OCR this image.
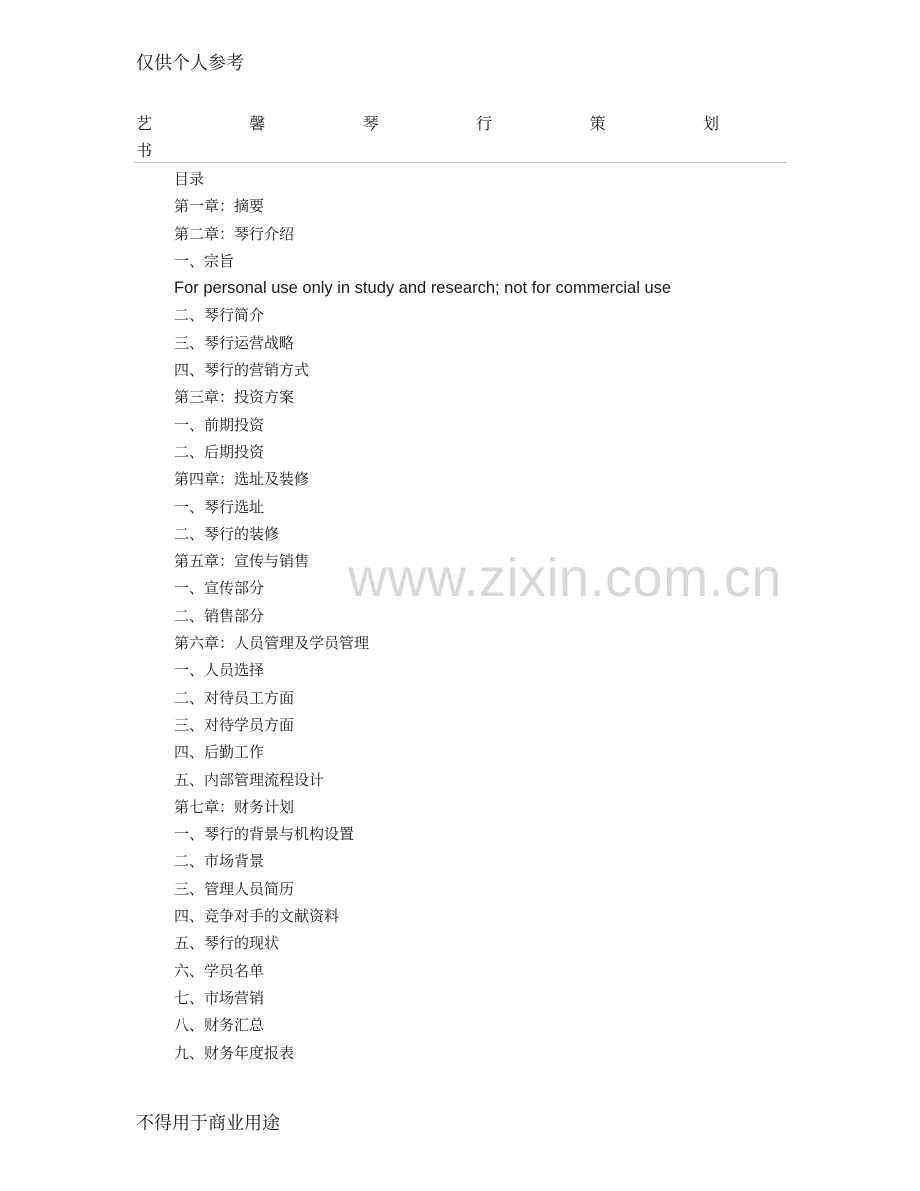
仅供个人参考
艺	馨	琴	行	策	划
书
目录
第一章：摘要
第二章：琴行介绍
一、宗旨
For personal use only in study and research; not for commercial use
二、琴行简介
三、琴行运营战略
四、琴行的营销方式
第三章：投资方案
一、前期投资
二、后期投资
第四章：选址及装修
一、琴行选址
二、琴行的装修
第五章：宣传与销售
一、宣传部分
二、销售部分
第六章：人员管理及学员管理
一、人员选择
二、对待员工方面
三、对待学员方面
四、后勤工作
五、内部管理流程设计
第七章：财务计划
一、琴行的背景与机构设置
二、市场背景
三、管理人员简历
四、竞争对手的文献资料
五、琴行的现状
六、学员名单
七、市场营销
八、财务汇总
九、财务年度报表
www.zixin.com.cn
不得用于商业用途
